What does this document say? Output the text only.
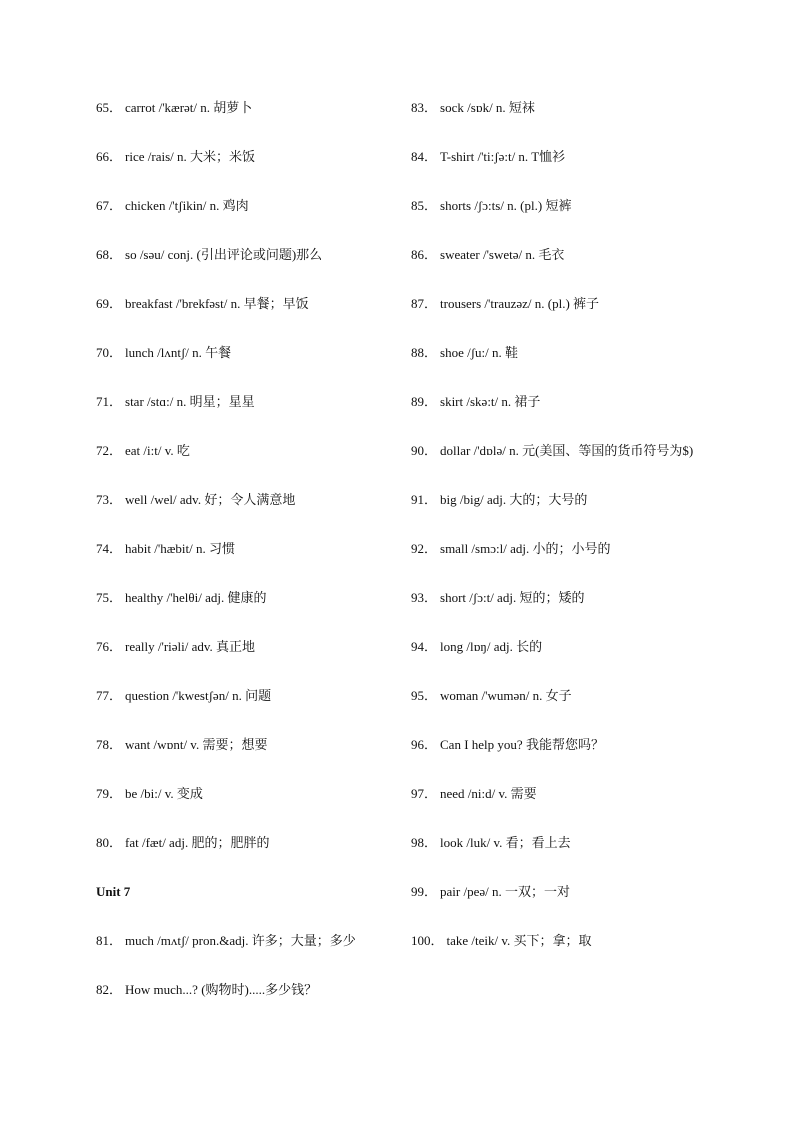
65． carrot /'kærət/ n. 胡萝卜
66． rice /rais/ n. 大米；米饭
67． chicken /'tʃikin/ n. 鸡肉
68． so /səu/ conj. (引出评论或问题)那么
69． breakfast /'brekfəst/ n. 早餐；早饭
70． lunch /lʌntʃ/ n. 午餐
71． star /stɑ:/ n. 明星；星星
72． eat /i:t/ v. 吃
73． well /wel/ adv. 好；令人满意地
74． habit /'hæbit/ n. 习惯
75． healthy /'helθi/ adj. 健康的
76． really /'riəli/ adv. 真正地
77． question /'kwestʃən/ n. 问题
78． want /wɒnt/ v. 需要；想要
79． be /bi:/ v. 变成
80． fat /fæt/ adj. 肥的；肥胖的
Unit 7
81． much /mʌtʃ/ pron.&adj. 许多；大量；多少
82． How much...? (购物时).....多少钱？
83． sock /sɒk/ n. 短袜
84． T-shirt /'ti:ʃə:t/ n. T恤衫
85． shorts /ʃɔ:ts/ n. (pl.) 短裤
86． sweater /'swetə/ n. 毛衣
87． trousers /'trauzəz/ n. (pl.) 裤子
88． shoe /ʃu:/ n. 鞋
89． skirt /skə:t/ n. 裙子
90． dollar /'dɒlə/ n. 元(美国、等国的货币符号为$)
91． big /big/ adj. 大的；大号的
92． small /smɔ:l/ adj. 小的；小号的
93． short /ʃɔ:t/ adj. 短的；矮的
94． long /lɒŋ/ adj. 长的
95． woman /'wumən/ n. 女子
96． Can I help you? 我能帮您吗？
97． need /ni:d/ v. 需要
98． look /luk/ v. 看；看上去
99． pair /peə/ n. 一双；一对
100． take /teik/ v. 买下；拿；取
